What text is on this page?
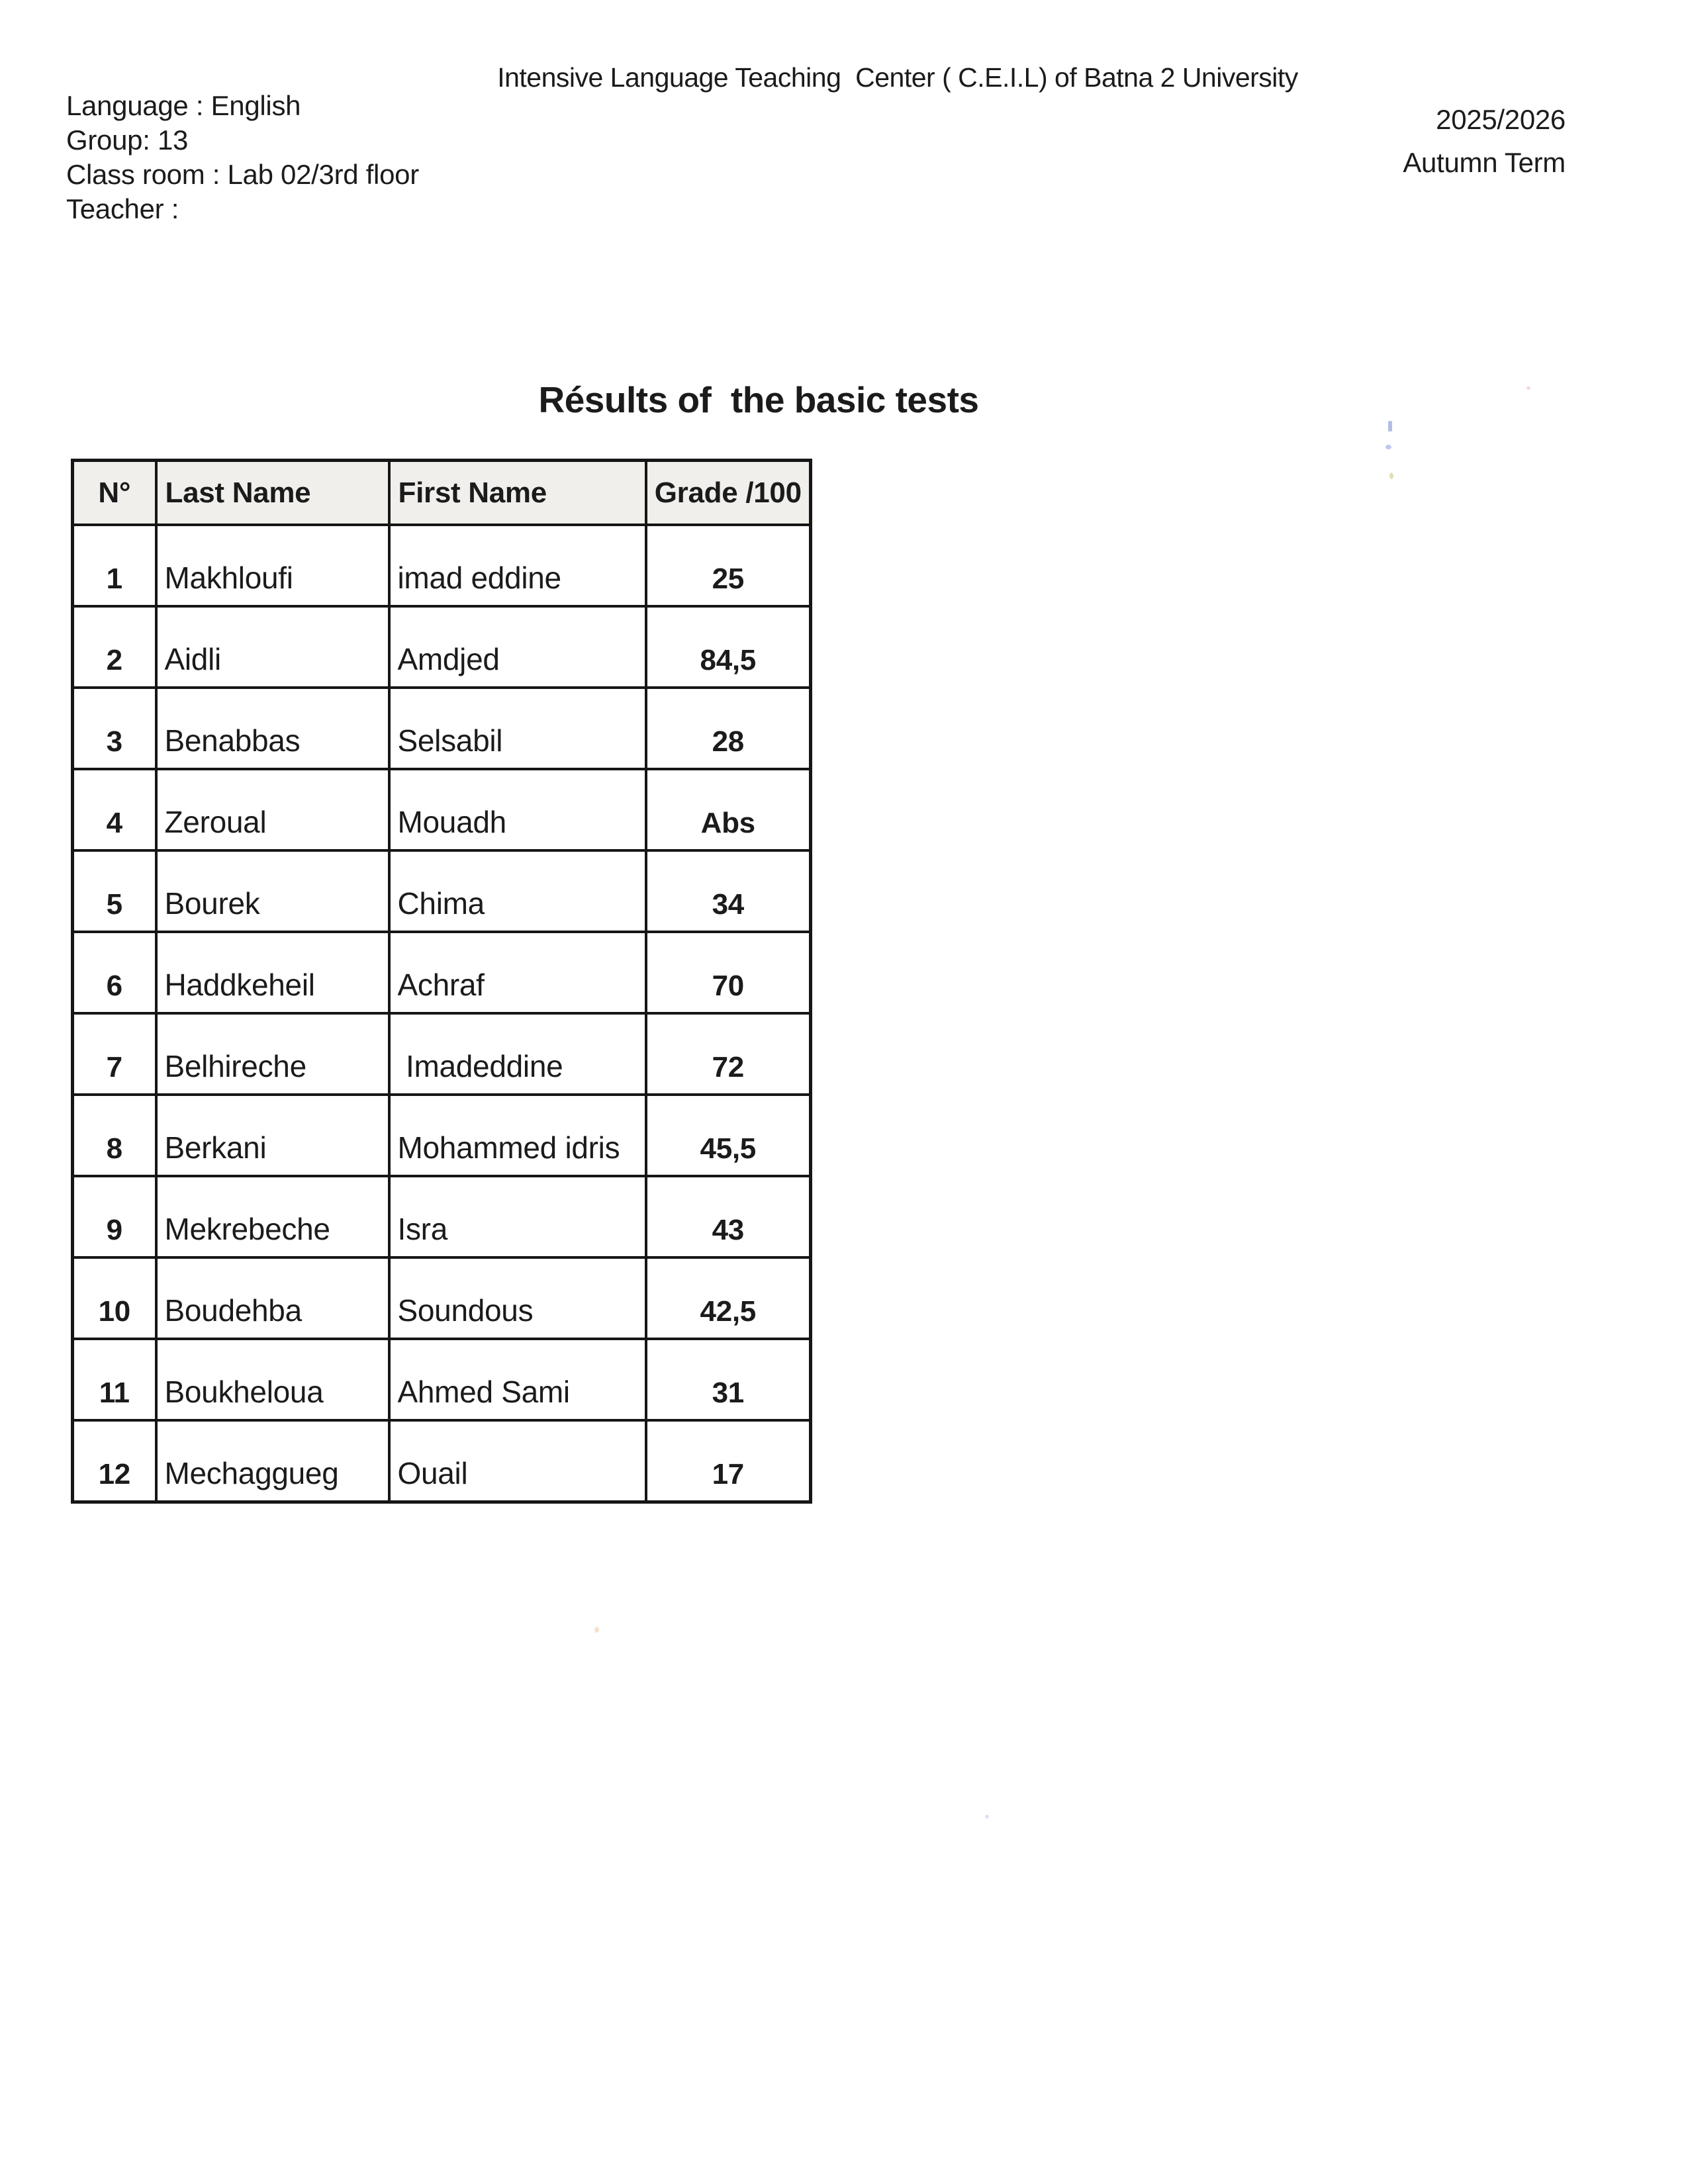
Intensive Language Teaching  Center ( C.E.I.L) of Batna 2 University
Language : English
Group: 13
Class room : Lab 02/3rd floor
Teacher :
2025/2026
Autumn Term
Résults of  the basic tests
N°	Last Name	First Name	Grade /100
1	Makhloufi	imad eddine	25
2	Aidli	Amdjed	84,5
3	Benabbas	Selsabil	28
4	Zeroual	Mouadh	Abs
5	Bourek	Chima	34
6	Haddkeheil	Achraf	70
7	Belhireche	Imadeddine	72
8	Berkani	Mohammed idris	45,5
9	Mekrebeche	Isra	43
10	Boudehba	Soundous	42,5
11	Boukheloua	Ahmed Sami	31
12	Mechaggueg	Ouail	17
